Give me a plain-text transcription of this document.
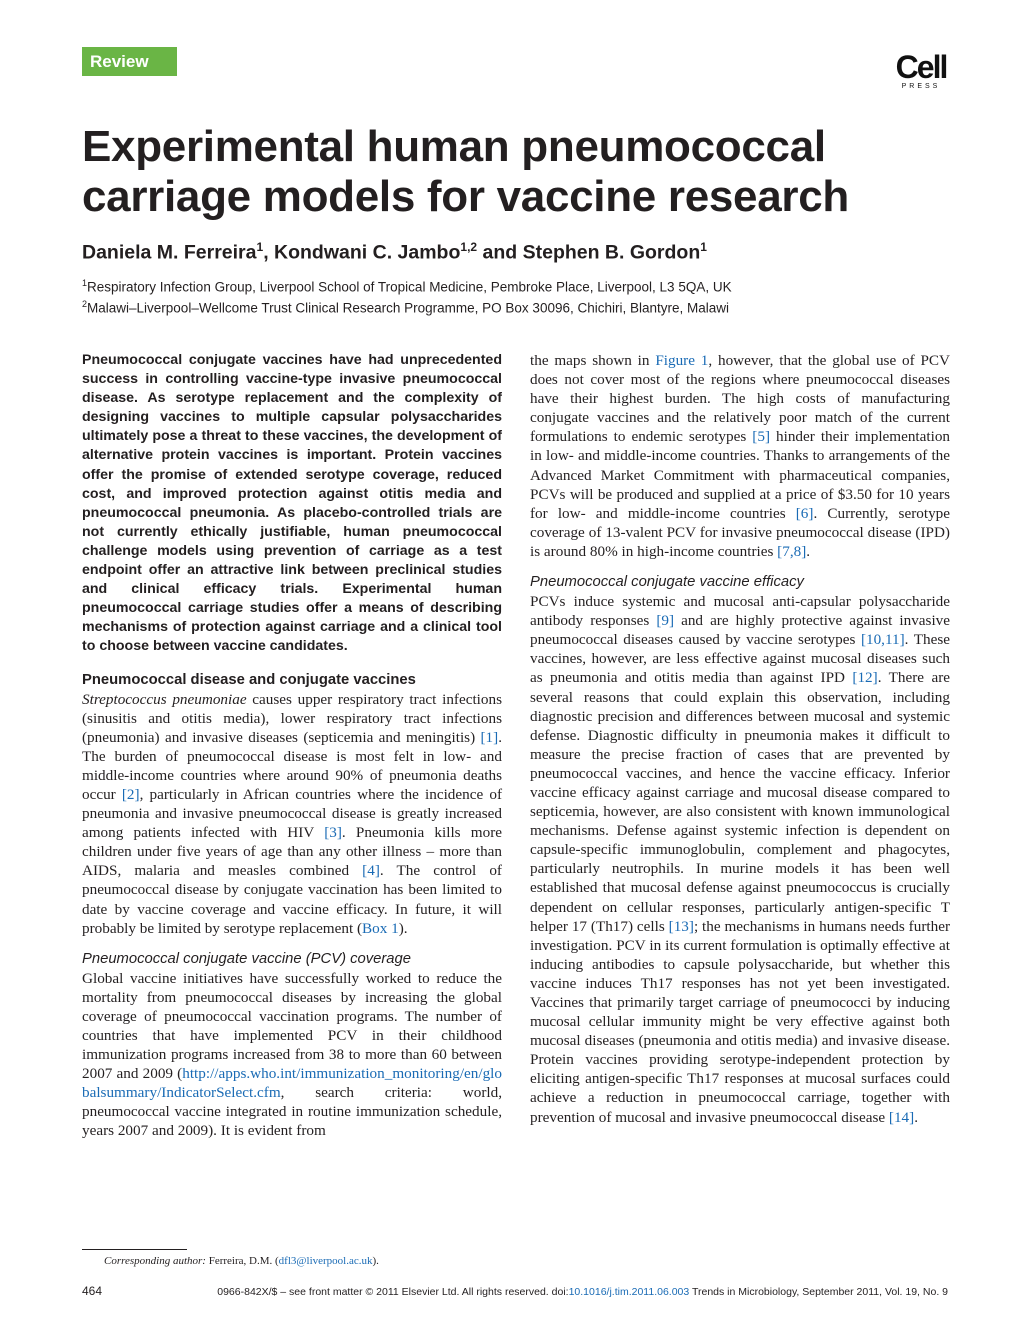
Review	Cell
PRESS
Experimental human pneumococcal carriage models for vaccine research
Daniela M. Ferreira$^1$, Kondwani C. Jambo$^{1,2}$ and Stephen B. Gordon$^1$
$^1$Respiratory Infection Group, Liverpool School of Tropical Medicine, Pembroke Place, Liverpool, L3 5QA, UK
$^2$Malawi–Liverpool–Wellcome Trust Clinical Research Programme, PO Box 30096, Chichiri, Blantyre, Malawi

Pneumococcal conjugate vaccines have had unprecedented success in controlling vaccine-type invasive pneumococcal disease. As serotype replacement and the complexity of designing vaccines to multiple capsular polysaccharides ultimately pose a threat to these vaccines, the development of alternative protein vaccines is important. Protein vaccines offer the promise of extended serotype coverage, reduced cost, and improved protection against otitis media and pneumococcal pneumonia. As placebo-controlled trials are not currently ethically justifiable, human pneumococcal challenge models using prevention of carriage as a test endpoint offer an attractive link between preclinical studies and clinical efficacy trials. Experimental human pneumococcal carriage studies offer a means of describing mechanisms of protection against carriage and a clinical tool to choose between vaccine candidates.

Pneumococcal disease and conjugate vaccines

Streptococcus pneumoniae causes upper respiratory tract infections (sinusitis and otitis media), lower respiratory tract infections (pneumonia) and invasive diseases (septicemia and meningitis) [1]. The burden of pneumococcal disease is most felt in low- and middle-income countries where around 90% of pneumonia deaths occur [2], particularly in African countries where the incidence of pneumonia and invasive pneumococcal disease is greatly increased among patients infected with HIV [3]. Pneumonia kills more children under five years of age than any other illness – more than AIDS, malaria and measles combined [4]. The control of pneumococcal disease by conjugate vaccination has been limited to date by vaccine coverage and vaccine efficacy. In future, it will probably be limited by serotype replacement (Box 1).

Pneumococcal conjugate vaccine (PCV) coverage

Global vaccine initiatives have successfully worked to reduce the mortality from pneumococcal diseases by increasing the global coverage of pneumococcal vaccination programs. The number of countries that have implemented PCV in their childhood immunization programs increased from 38 to more than 60 between 2007 and 2009 (http://apps.who.int/immunization_monitoring/en/globalsummary/IndicatorSelect.cfm, search criteria: world, pneumococcal vaccine integrated in routine immunization schedule, years 2007 and 2009). It is evident from

the maps shown in Figure 1, however, that the global use of PCV does not cover most of the regions where pneumococcal diseases have their highest burden. The high costs of manufacturing conjugate vaccines and the relatively poor match of the current formulations to endemic serotypes [5] hinder their implementation in low- and middle-income countries. Thanks to arrangements of the Advanced Market Commitment with pharmaceutical companies, PCVs will be produced and supplied at a price of $3.50 for 10 years for low- and middle-income countries [6]. Currently, serotype coverage of 13-valent PCV for invasive pneumococcal disease (IPD) is around 80% in high-income countries [7,8].

Pneumococcal conjugate vaccine efficacy

PCVs induce systemic and mucosal anti-capsular polysaccharide antibody responses [9] and are highly protective against invasive pneumococcal diseases caused by vaccine serotypes [10,11]. These vaccines, however, are less effective against mucosal diseases such as pneumonia and otitis media than against IPD [12]. There are several reasons that could explain this observation, including diagnostic precision and differences between mucosal and systemic defense. Diagnostic difficulty in pneumonia makes it difficult to measure the precise fraction of cases that are prevented by pneumococcal vaccines, and hence the vaccine efficacy. Inferior vaccine efficacy against carriage and mucosal disease compared to septicemia, however, are also consistent with known immunological mechanisms. Defense against systemic infection is dependent on capsule-specific immunoglobulin, complement and phagocytes, particularly neutrophils. In murine models it has been well established that mucosal defense against pneumococcus is crucially dependent on cellular responses, particularly antigen-specific T helper 17 (Th17) cells [13]; the mechanisms in humans needs further investigation. PCV in its current formulation is optimally effective at inducing antibodies to capsule polysaccharide, but whether this vaccine induces Th17 responses has not yet been investigated. Vaccines that primarily target carriage of pneumococci by inducing mucosal cellular immunity might be very effective against both mucosal diseases (pneumonia and otitis media) and invasive disease. Protein vaccines providing serotype-independent protection by eliciting antigen-specific Th17 responses at mucosal surfaces could achieve a reduction in pneumococcal carriage, together with prevention of mucosal and invasive pneumococcal disease [14].

Corresponding author: Ferreira, D.M. (dfl3@liverpool.ac.uk).
464	0966-842X/$ – see front matter © 2011 Elsevier Ltd. All rights reserved. doi:10.1016/j.tim.2011.06.003 Trends in Microbiology, September 2011, Vol. 19, No. 9
